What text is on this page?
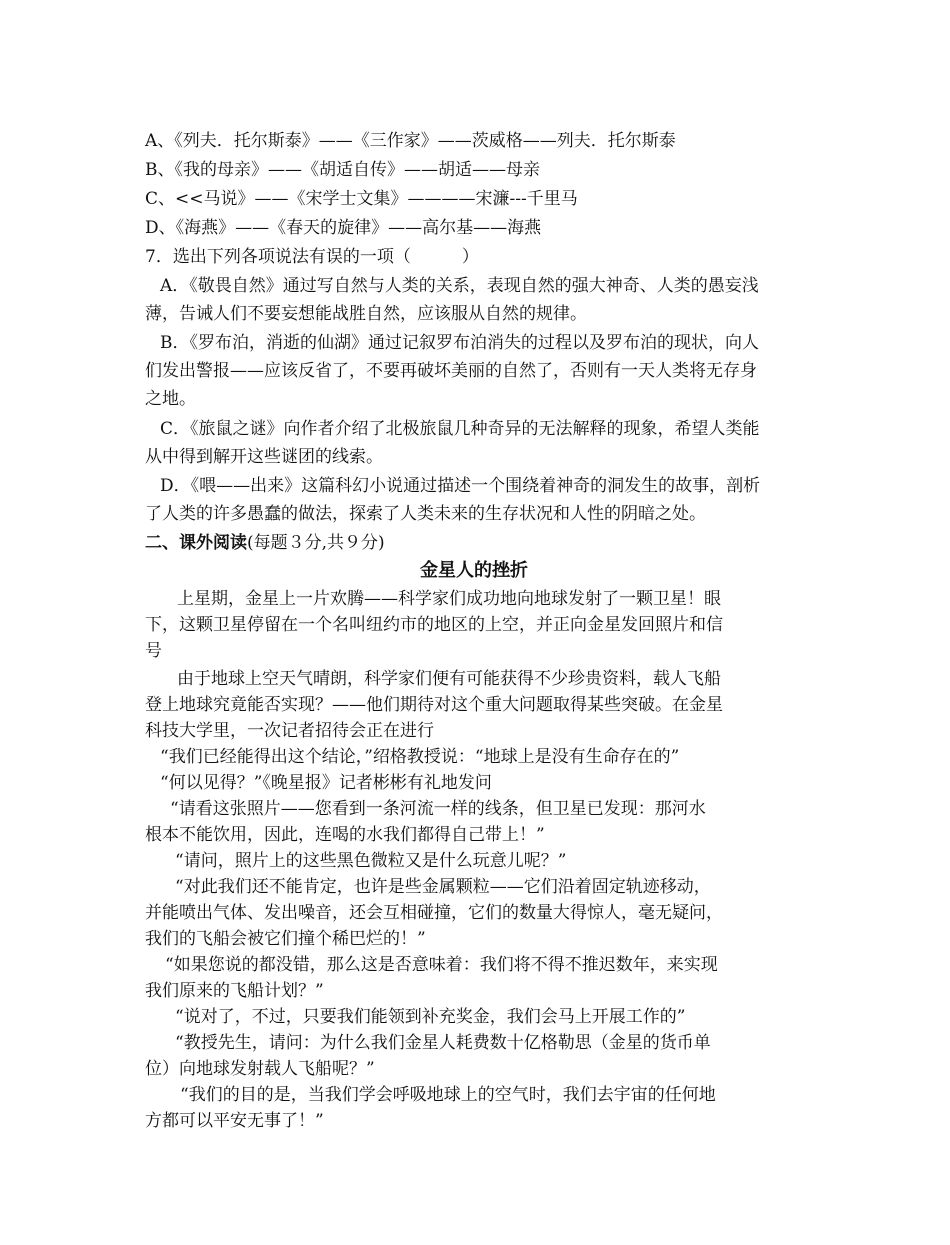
A、《列夫．托尔斯泰》——《三作家》——茨威格——列夫．托尔斯泰
B、《我的母亲》——《胡适自传》——胡适——母亲
C、<<马说》——《宋学士文集》————宋濂---千里马
D、《海燕》——《春天的旋律》——高尔基——海燕
7．选出下列各项说法有误的一项（　　　）
A．《敬畏自然》通过写自然与人类的关系，表现自然的强大神奇、人类的愚妄浅
薄，告诫人们不要妄想能战胜自然，应该服从自然的规律。
B．《罗布泊，消逝的仙湖》通过记叙罗布泊消失的过程以及罗布泊的现状，向人
们发出警报——应该反省了，不要再破坏美丽的自然了，否则有一天人类将无存身
之地。
C．《旅鼠之谜》向作者介绍了北极旅鼠几种奇异的无法解释的现象，希望人类能
从中得到解开这些谜团的线索。
D．《喂——出来》这篇科幻小说通过描述一个围绕着神奇的洞发生的故事，剖析
了人类的许多愚蠢的做法，探索了人类未来的生存状况和人性的阴暗之处。
二、课外阅读(每题３分,共９分)
金星人的挫折
上星期，金星上一片欢腾——科学家们成功地向地球发射了一颗卫星！眼
下，这颗卫星停留在一个名叫纽约市的地区的上空，并正向金星发回照片和信
号
由于地球上空天气晴朗，科学家们便有可能获得不少珍贵资料，载人飞船
登上地球究竟能否实现？——他们期待对这个重大问题取得某些突破。在金星
科技大学里，一次记者招待会正在进行
“我们已经能得出这个结论，”绍格教授说：“地球上是没有生命存在的”
“何以见得？”《晚星报》记者彬彬有礼地发问
“请看这张照片——您看到一条河流一样的线条，但卫星已发现：那河水
根本不能饮用，因此，连喝的水我们都得自己带上！”
“请问，照片上的这些黑色微粒又是什么玩意儿呢？”
“对此我们还不能肯定，也许是些金属颗粒——它们沿着固定轨迹移动，
并能喷出气体、发出噪音，还会互相碰撞，它们的数量大得惊人，毫无疑问，
我们的飞船会被它们撞个稀巴烂的！”
“如果您说的都没错，那么这是否意味着：我们将不得不推迟数年，来实现
我们原来的飞船计划？”
“说对了，不过，只要我们能领到补充奖金，我们会马上开展工作的”
“教授先生，请问：为什么我们金星人耗费数十亿格勒思（金星的货币单
位）向地球发射载人飞船呢？”
“我们的目的是，当我们学会呼吸地球上的空气时，我们去宇宙的任何地
方都可以平安无事了！”
